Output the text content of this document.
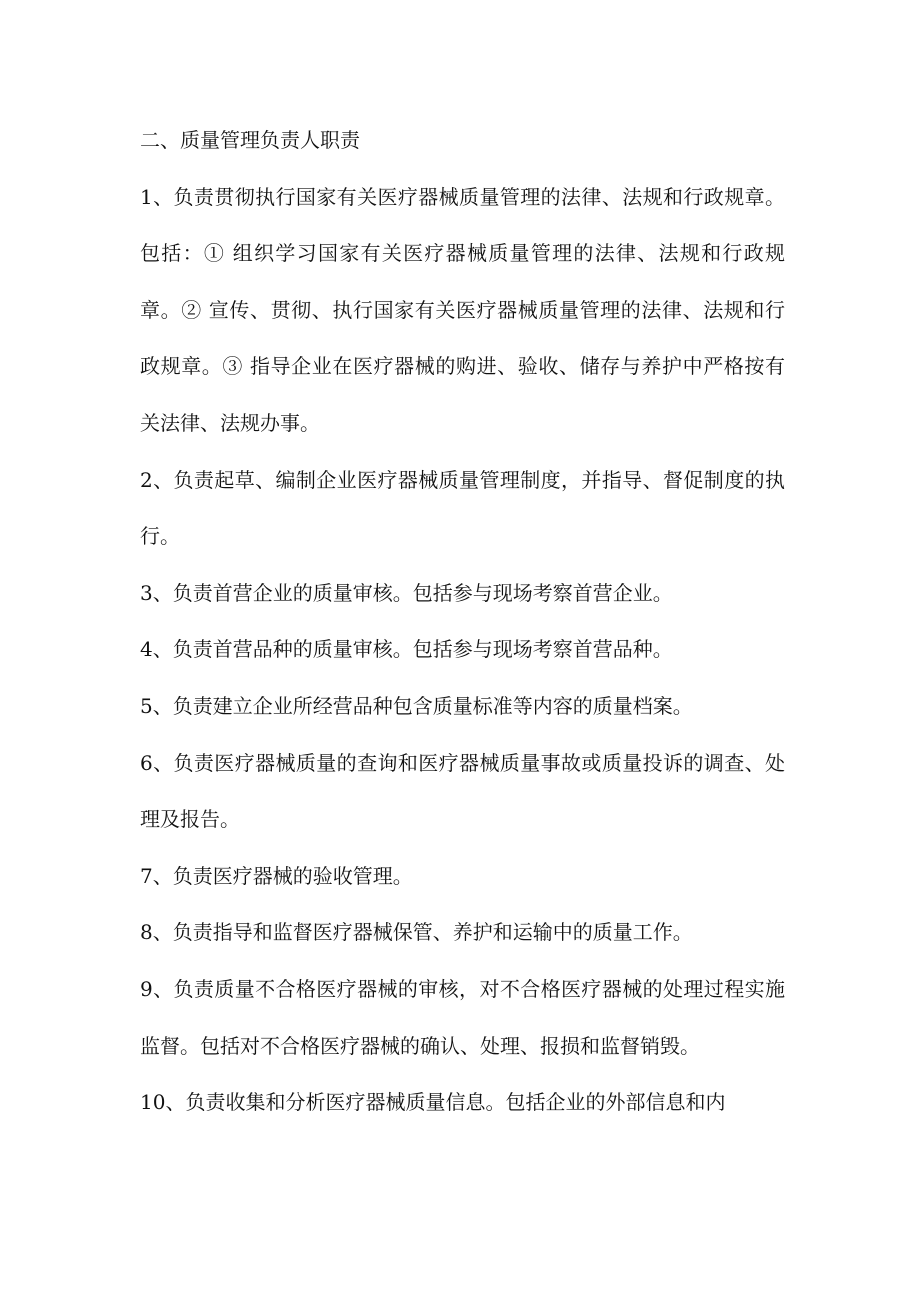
二、质量管理负责人职责

1、负责贯彻执行国家有关医疗器械质量管理的法律、法规和行政规章。包括：① 组织学习国家有关医疗器械质量管理的法律、法规和行政规章。② 宣传、贯彻、执行国家有关医疗器械质量管理的法律、法规和行政规章。③ 指导企业在医疗器械的购进、验收、储存与养护中严格按有关法律、法规办事。

2、负责起草、编制企业医疗器械质量管理制度，并指导、督促制度的执行。

3、负责首营企业的质量审核。包括参与现场考察首营企业。

4、负责首营品种的质量审核。包括参与现场考察首营品种。

5、负责建立企业所经营品种包含质量标准等内容的质量档案。

6、负责医疗器械质量的查询和医疗器械质量事故或质量投诉的调查、处理及报告。

7、负责医疗器械的验收管理。

8、负责指导和监督医疗器械保管、养护和运输中的质量工作。

9、负责质量不合格医疗器械的审核，对不合格医疗器械的处理过程实施监督。包括对不合格医疗器械的确认、处理、报损和监督销毁。

10、负责收集和分析医疗器械质量信息。包括企业的外部信息和内
